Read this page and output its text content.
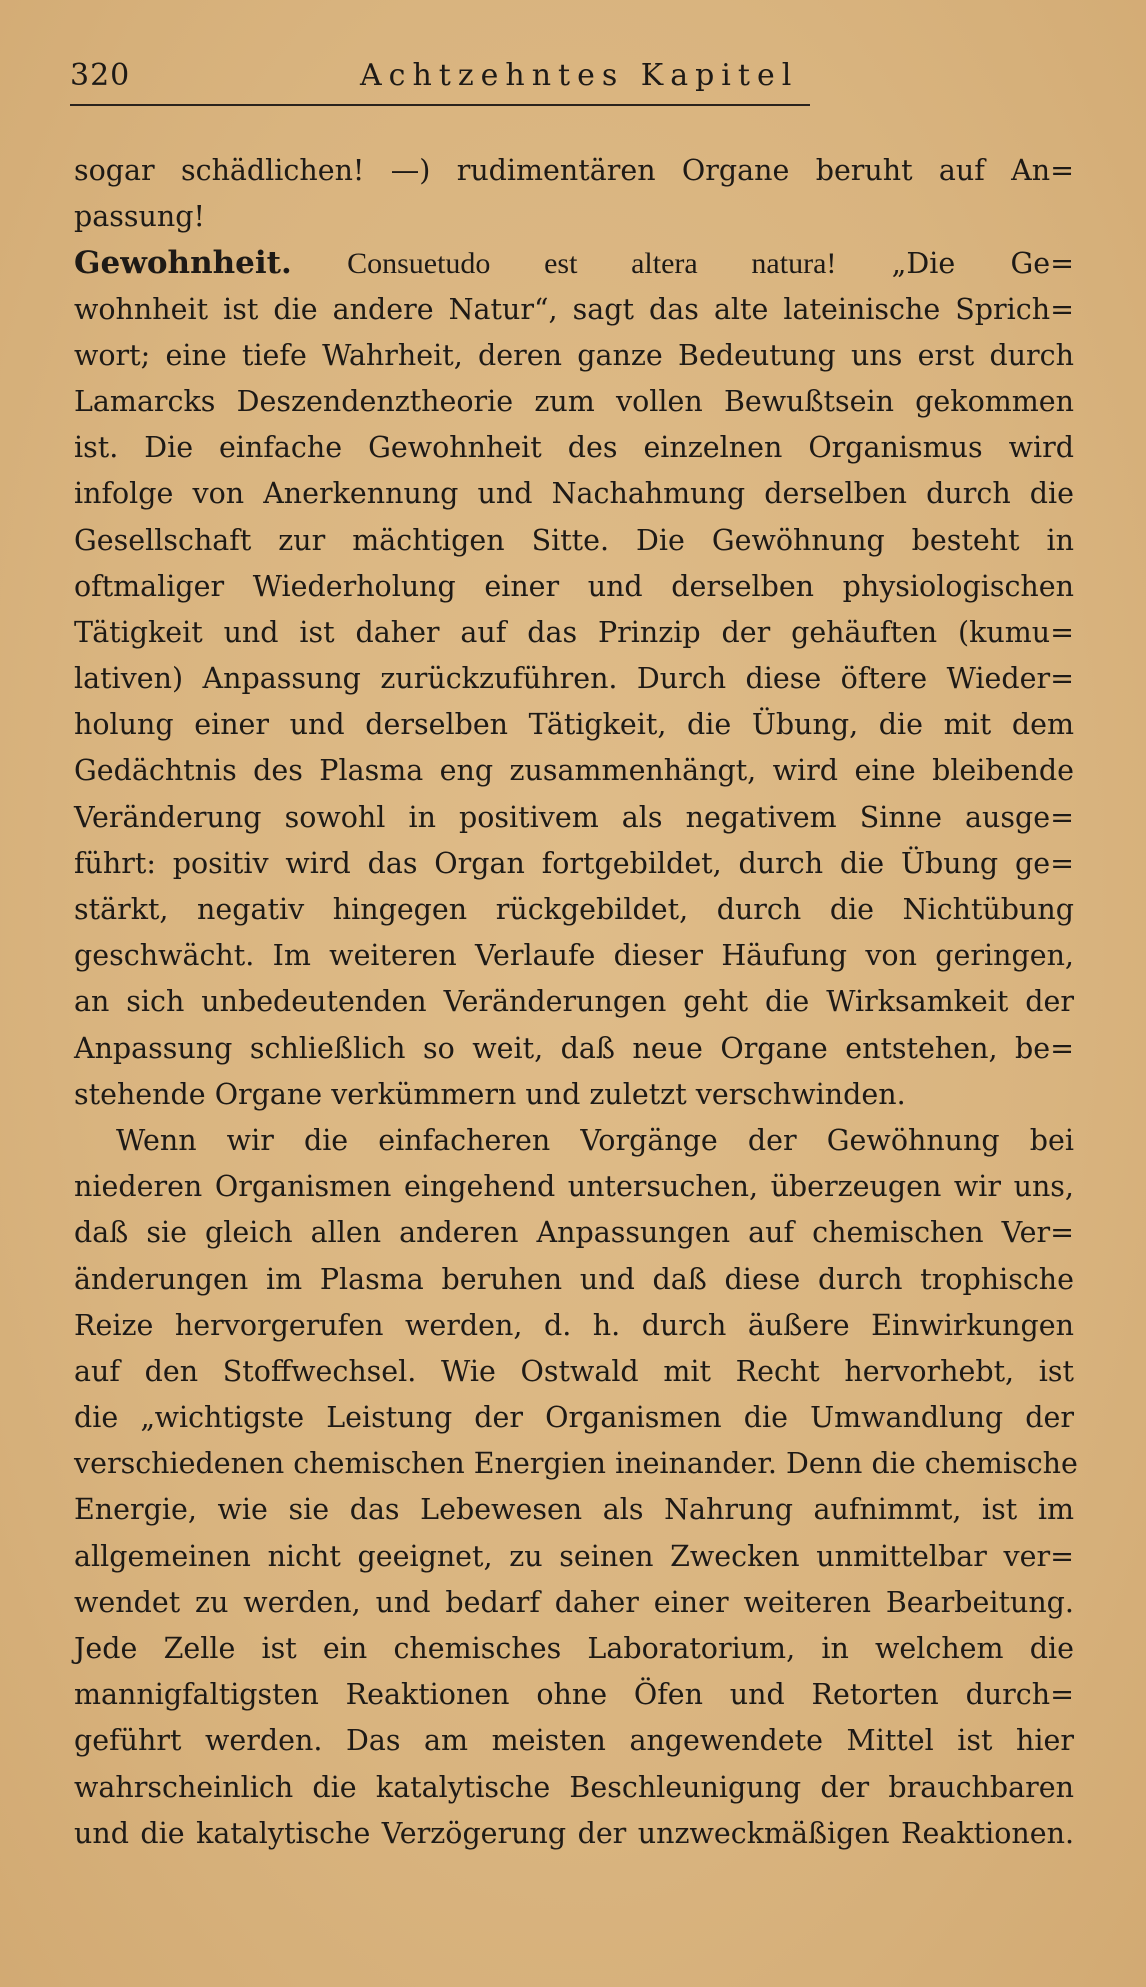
320	Achtzehntes Kapitel
sogar schädlichen! —) rudimentären Organe beruht auf An=
passung!
Gewohnheit. Consuetudo est altera natura! „Die Ge=
wohnheit ist die andere Natur“, sagt das alte lateinische Sprich=
wort; eine tiefe Wahrheit, deren ganze Bedeutung uns erst durch
Lamarcks Deszendenztheorie zum vollen Bewußtsein gekommen
ist. Die einfache Gewohnheit des einzelnen Organismus wird
infolge von Anerkennung und Nachahmung derselben durch die
Gesellschaft zur mächtigen Sitte. Die Gewöhnung besteht in
oftmaliger Wiederholung einer und derselben physiologischen
Tätigkeit und ist daher auf das Prinzip der gehäuften (kumu=
lativen) Anpassung zurückzuführen. Durch diese öftere Wieder=
holung einer und derselben Tätigkeit, die Übung, die mit dem
Gedächtnis des Plasma eng zusammenhängt, wird eine bleibende
Veränderung sowohl in positivem als negativem Sinne ausge=
führt: positiv wird das Organ fortgebildet, durch die Übung ge=
stärkt, negativ hingegen rückgebildet, durch die Nichtübung
geschwächt. Im weiteren Verlaufe dieser Häufung von geringen,
an sich unbedeutenden Veränderungen geht die Wirksamkeit der
Anpassung schließlich so weit, daß neue Organe entstehen, be=
stehende Organe verkümmern und zuletzt verschwinden.
Wenn wir die einfacheren Vorgänge der Gewöhnung bei
niederen Organismen eingehend untersuchen, überzeugen wir uns,
daß sie gleich allen anderen Anpassungen auf chemischen Ver=
änderungen im Plasma beruhen und daß diese durch trophische
Reize hervorgerufen werden, d. h. durch äußere Einwirkungen
auf den Stoffwechsel. Wie Ostwald mit Recht hervorhebt, ist
die „wichtigste Leistung der Organismen die Umwandlung der
verschiedenen chemischen Energien ineinander. Denn die chemische
Energie, wie sie das Lebewesen als Nahrung aufnimmt, ist im
allgemeinen nicht geeignet, zu seinen Zwecken unmittelbar ver=
wendet zu werden, und bedarf daher einer weiteren Bearbeitung.
Jede Zelle ist ein chemisches Laboratorium, in welchem die
mannigfaltigsten Reaktionen ohne Öfen und Retorten durch=
geführt werden. Das am meisten angewendete Mittel ist hier
wahrscheinlich die katalytische Beschleunigung der brauchbaren
und die katalytische Verzögerung der unzweckmäßigen Reaktionen.
